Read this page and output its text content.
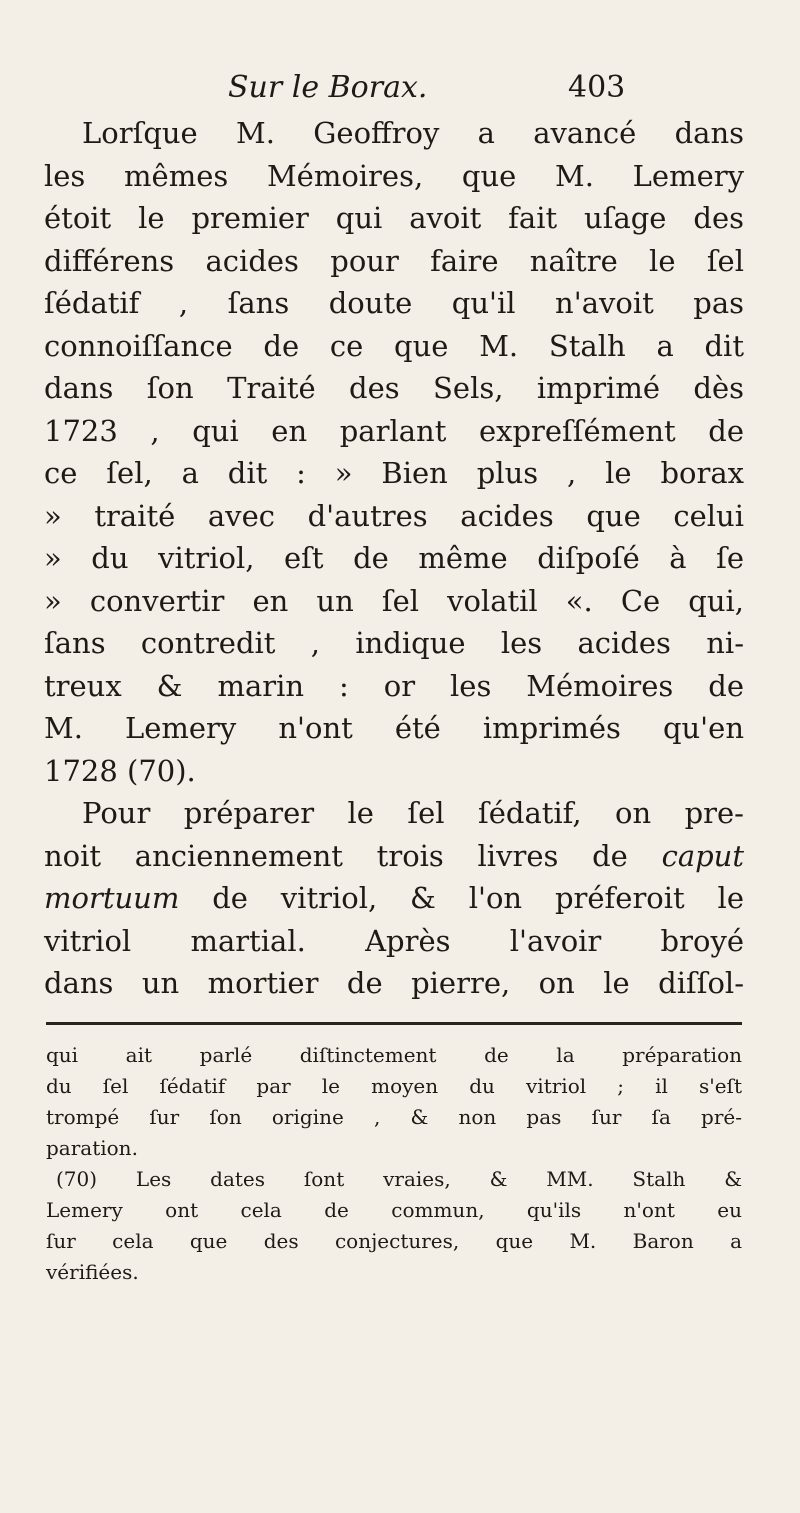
Sur le Borax.	403
Lorſque M. Geoffroy a avancé dans
les mêmes Mémoires, que M. Lemery
étoit le premier qui avoit fait uſage des
différens acides pour faire naître le ſel
ſédatif , ſans doute qu'il n'avoit pas
connoiſſance de ce que M. Stalh a dit
dans ſon Traité des Sels, imprimé dès
1723 , qui en parlant expreſſément de
ce ſel, a dit : » Bien plus , le borax
» traité avec d'autres acides que celui
» du vitriol, eſt de même diſpoſé à ſe
» convertir en un ſel volatil «. Ce qui,
ſans contredit , indique les acides ni-
treux & marin : or les Mémoires de
M. Lemery n'ont été imprimés qu'en
1728 (70).
Pour préparer le ſel ſédatif, on pre-
noit anciennement trois livres de caput
mortuum de vitriol, & l'on préferoit le
vitriol martial. Après l'avoir broyé
dans un mortier de pierre, on le diſſol-
qui ait parlé diſtinctement de la préparation
du ſel ſédatif par le moyen du vitriol ; il s'eſt
trompé ſur ſon origine , & non pas ſur ſa pré-
paration.
(70) Les dates ſont vraies, & MM. Stalh &
Lemery ont cela de commun, qu'ils n'ont eu
ſur cela que des conjectures, que M. Baron a
vérifiées.
